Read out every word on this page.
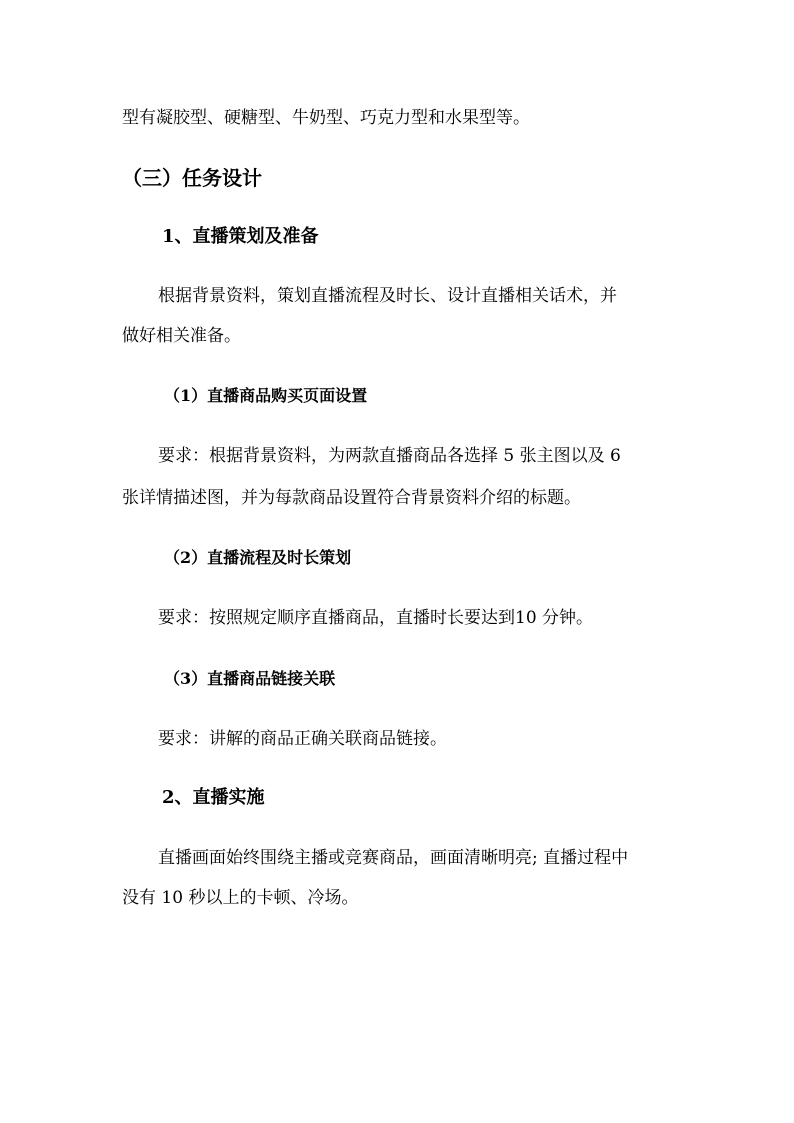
型有凝胶型、硬糖型、牛奶型、巧克力型和水果型等。
（三）任务设计
1、直播策划及准备
根据背景资料，策划直播流程及时长、设计直播相关话术，并
做好相关准备。
（1）直播商品购买页面设置
要求：根据背景资料，为两款直播商品各选择 5 张主图以及 6
张详情描述图，并为每款商品设置符合背景资料介绍的标题。
（2）直播流程及时长策划
要求：按照规定顺序直播商品，直播时长要达到10 分钟。
（3）直播商品链接关联
要求：讲解的商品正确关联商品链接。
2、直播实施
直播画面始终围绕主播或竞赛商品，画面清晰明亮; 直播过程中
没有 10 秒以上的卡顿、冷场。
